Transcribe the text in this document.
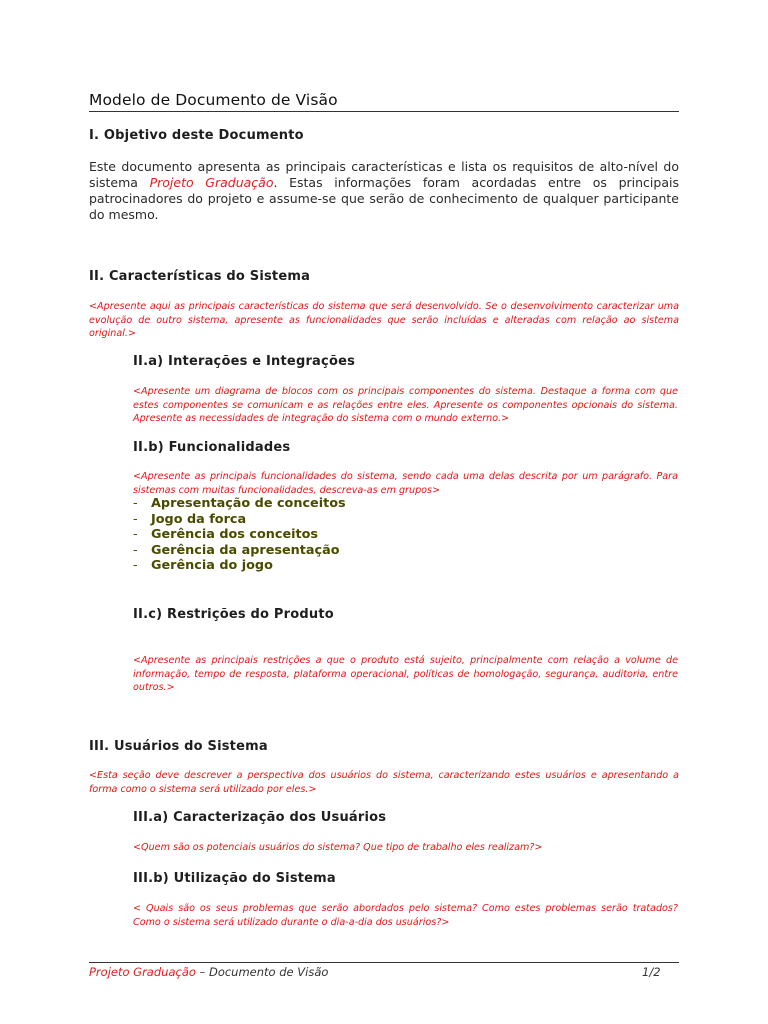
Modelo de Documento de Visão
I. Objetivo deste Documento
Este documento apresenta as principais características e lista os requisitos de alto-nível do sistema Projeto Graduação. Estas informações foram acordadas entre os principais patrocinadores do projeto e assume-se que serão de conhecimento de qualquer participante do mesmo.
II. Características do Sistema
<Apresente aqui as principais características do sistema que será desenvolvido. Se o desenvolvimento caracterizar uma evolução de outro sistema, apresente as funcionalidades que serão incluídas e alteradas com relação ao sistema original.>
II.a) Interações e Integrações
<Apresente um diagrama de blocos com os principais componentes do sistema. Destaque a forma com que estes componentes se comunicam e as relações entre eles. Apresente os componentes opcionais do sistema. Apresente as necessidades de integração do sistema com o mundo externo.>
II.b) Funcionalidades
<Apresente as principais funcionalidades do sistema, sendo cada uma delas descrita por um parágrafo. Para sistemas com muitas funcionalidades, descreva-as em grupos>
- Apresentação de conceitos
- Jogo da forca
- Gerência dos conceitos
- Gerência da apresentação
- Gerência do jogo
II.c) Restrições do Produto
<Apresente as principais restrições a que o produto está sujeito, principalmente com relação a volume de informação, tempo de resposta, plataforma operacional, políticas de homologação, segurança, auditoria, entre outros.>
III. Usuários do Sistema
<Esta seção deve descrever a perspectiva dos usuários do sistema, caracterizando estes usuários e apresentando a forma como o sistema será utilizado por eles.>
III.a) Caracterização dos Usuários
<Quem são os potenciais usuários do sistema? Que tipo de trabalho eles realizam?>
III.b) Utilização do Sistema
< Quais são os seus problemas que serão abordados pelo sistema? Como estes problemas serão tratados? Como o sistema será utilizado durante o dia-a-dia dos usuários?>
Projeto Graduação – Documento de Visão	1/2
